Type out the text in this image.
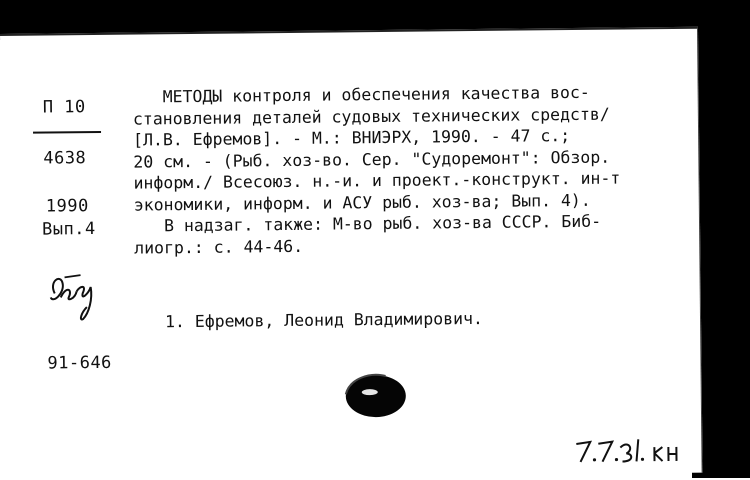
П 10
4638
1990
Вып.4
91-646
МЕТОДЫ контроля и обеспечения качества вос-
становления деталей судовых технических средств/
[Л.В. Ефремов]. - М.: ВНИЭРХ, 1990. - 47 с.;
20 см. - (Рыб. хоз-во. Сер. "Судоремонт": Обзор.
информ./ Всесоюз. н.-и. и проект.-конструкт. ин-т
экономики, информ. и АСУ рыб. хоз-ва; Вып. 4).
В надзаг. также: М-во рыб. хоз-ва СССР. Биб-
лиогр.: с. 44-46.
1. Ефремов, Леонид Владимирович.
